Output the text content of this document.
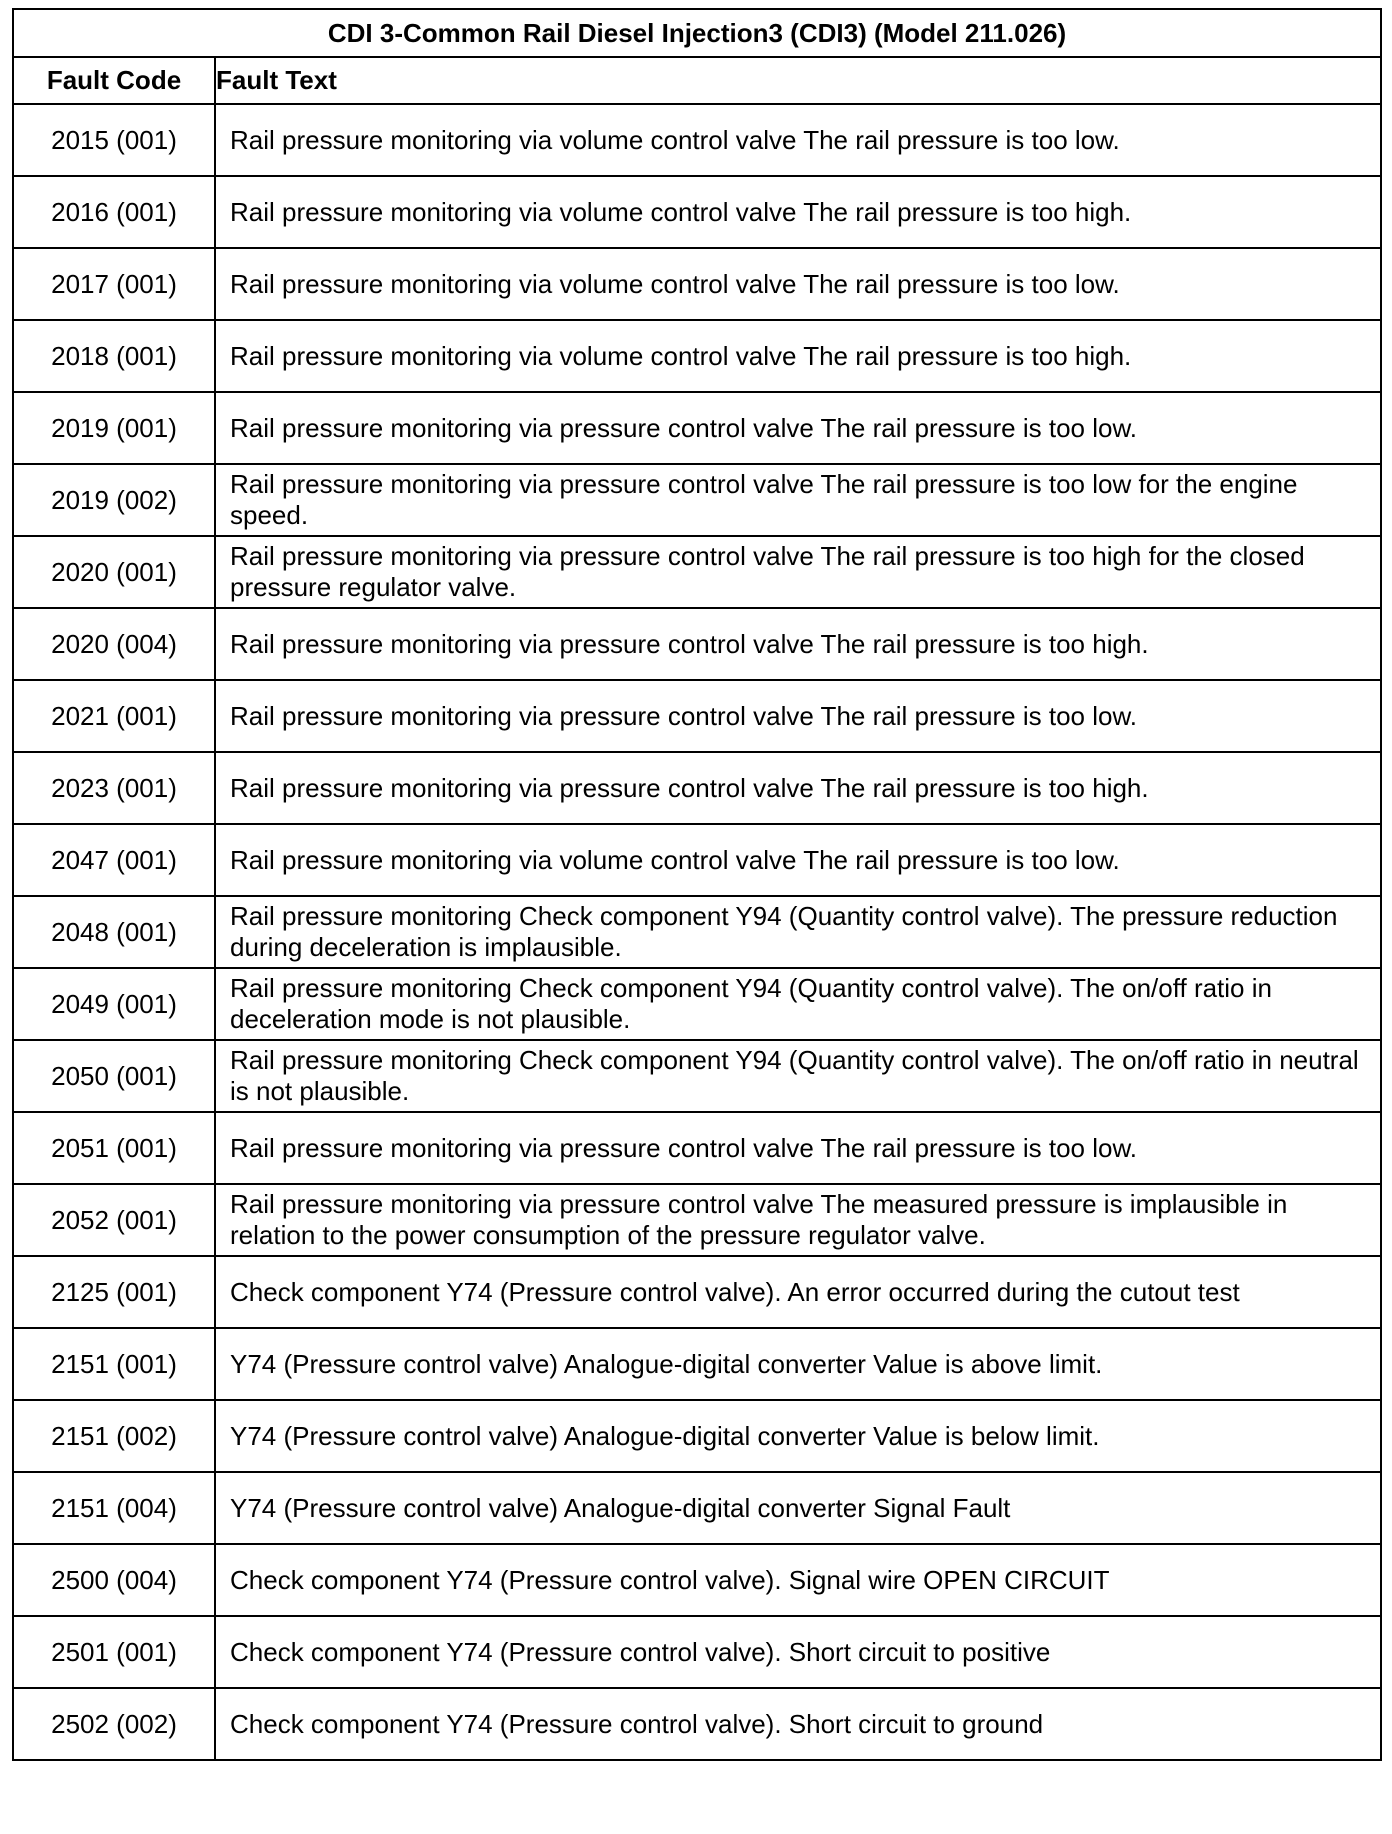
CDI 3-Common Rail Diesel Injection3 (CDI3) (Model 211.026)	
Fault Code	Fault Text
2015 (001)	Rail pressure monitoring via volume control valve The rail pressure is too low.
2016 (001)	Rail pressure monitoring via volume control valve The rail pressure is too high.
2017 (001)	Rail pressure monitoring via volume control valve The rail pressure is too low.
2018 (001)	Rail pressure monitoring via volume control valve The rail pressure is too high.
2019 (001)	Rail pressure monitoring via pressure control valve The rail pressure is too low.
2019 (002)	Rail pressure monitoring via pressure control valve The rail pressure is too low for the engine speed.
2020 (001)	Rail pressure monitoring via pressure control valve The rail pressure is too high for the closed pressure regulator valve.
2020 (004)	Rail pressure monitoring via pressure control valve The rail pressure is too high.
2021 (001)	Rail pressure monitoring via pressure control valve The rail pressure is too low.
2023 (001)	Rail pressure monitoring via pressure control valve The rail pressure is too high.
2047 (001)	Rail pressure monitoring via volume control valve The rail pressure is too low.
2048 (001)	Rail pressure monitoring Check component Y94 (Quantity control valve). The pressure reduction during deceleration is implausible.
2049 (001)	Rail pressure monitoring Check component Y94 (Quantity control valve). The on/off ratio in deceleration mode is not plausible.
2050 (001)	Rail pressure monitoring Check component Y94 (Quantity control valve). The on/off ratio in neutral is not plausible.
2051 (001)	Rail pressure monitoring via pressure control valve The rail pressure is too low.
2052 (001)	Rail pressure monitoring via pressure control valve The measured pressure is implausible in relation to the power consumption of the pressure regulator valve.
2125 (001)	Check component Y74 (Pressure control valve). An error occurred during the cutout test
2151 (001)	Y74 (Pressure control valve) Analogue-digital converter Value is above limit.
2151 (002)	Y74 (Pressure control valve) Analogue-digital converter Value is below limit.
2151 (004)	Y74 (Pressure control valve) Analogue-digital converter Signal Fault
2500 (004)	Check component Y74 (Pressure control valve). Signal wire OPEN CIRCUIT
2501 (001)	Check component Y74 (Pressure control valve). Short circuit to positive
2502 (002)	Check component Y74 (Pressure control valve). Short circuit to ground
